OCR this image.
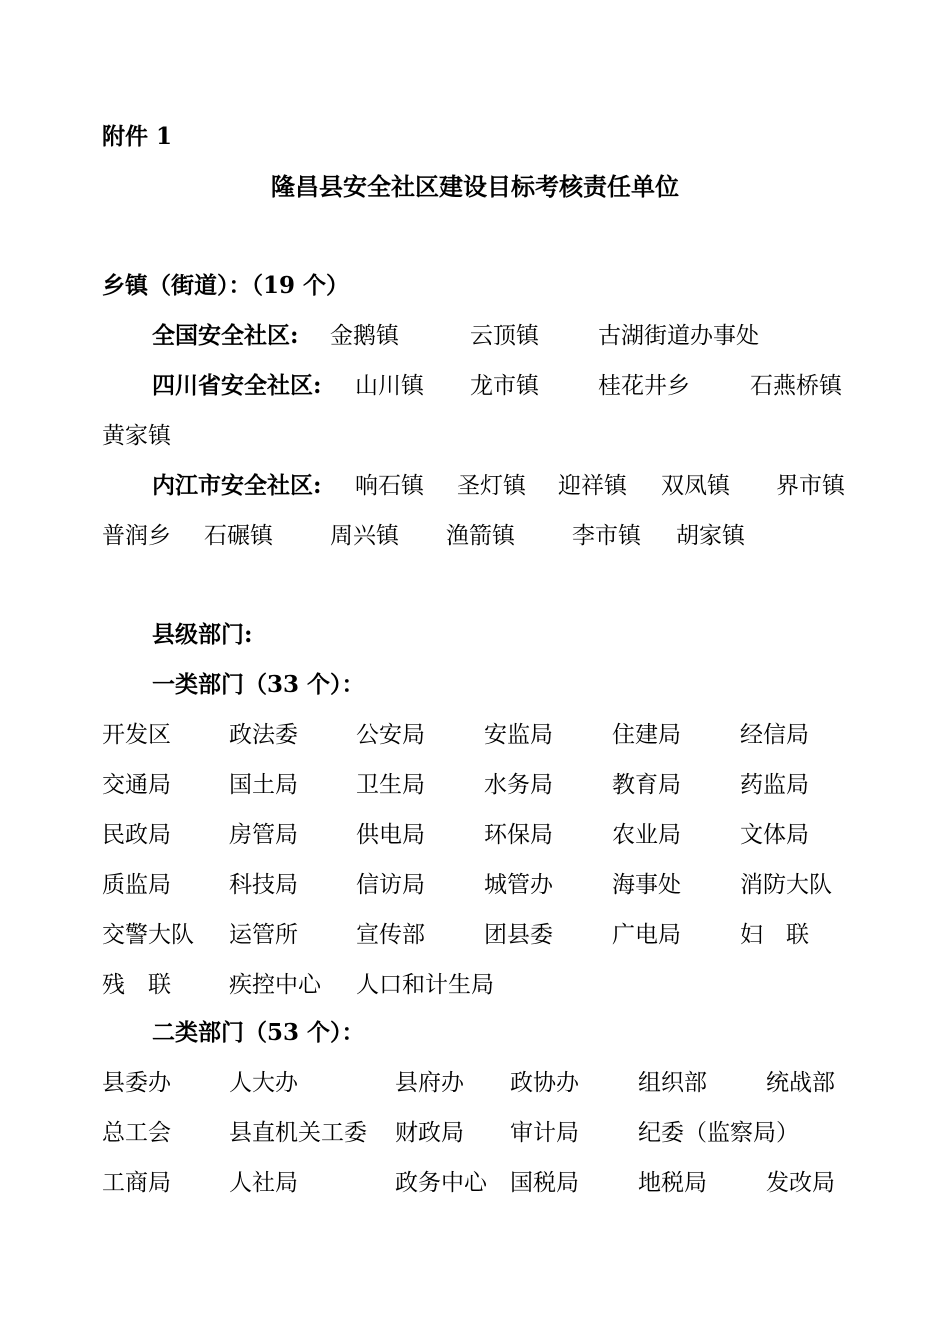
附件 1
隆昌县安全社区建设目标考核责任单位
乡镇（街道）：（19 个）
全国安全社区: 金鹅镇	云顶镇	古湖街道办事处
四川省安全社区: 山川镇 龙市镇	桂花井乡	石燕桥镇
黄家镇
内江市安全社区: 响石镇 圣灯镇 迎祥镇 双凤镇 界市镇
普润乡 石碾镇 周兴镇 渔箭镇 李市镇 胡家镇
县级部门:
一类部门（33 个）：
开发区	政法委	公安局	安监局	住建局	经信局
交通局	国土局	卫生局	水务局	教育局	药监局
民政局	房管局	供电局	环保局	农业局	文体局
质监局	科技局	信访局	城管办	海事处	消防大队
交警大队 运管所	宣传部	团县委	广电局	妇　联
残　联	疾控中心 人口和计生局
二类部门（53 个）：
县委办	人大办	县府办 政协办	组织部	统战部
总工会	县直机关工委 财政局 审计局	纪委（监察局）
工商局	人社局	政务中心 国税局	地税局	发改局
